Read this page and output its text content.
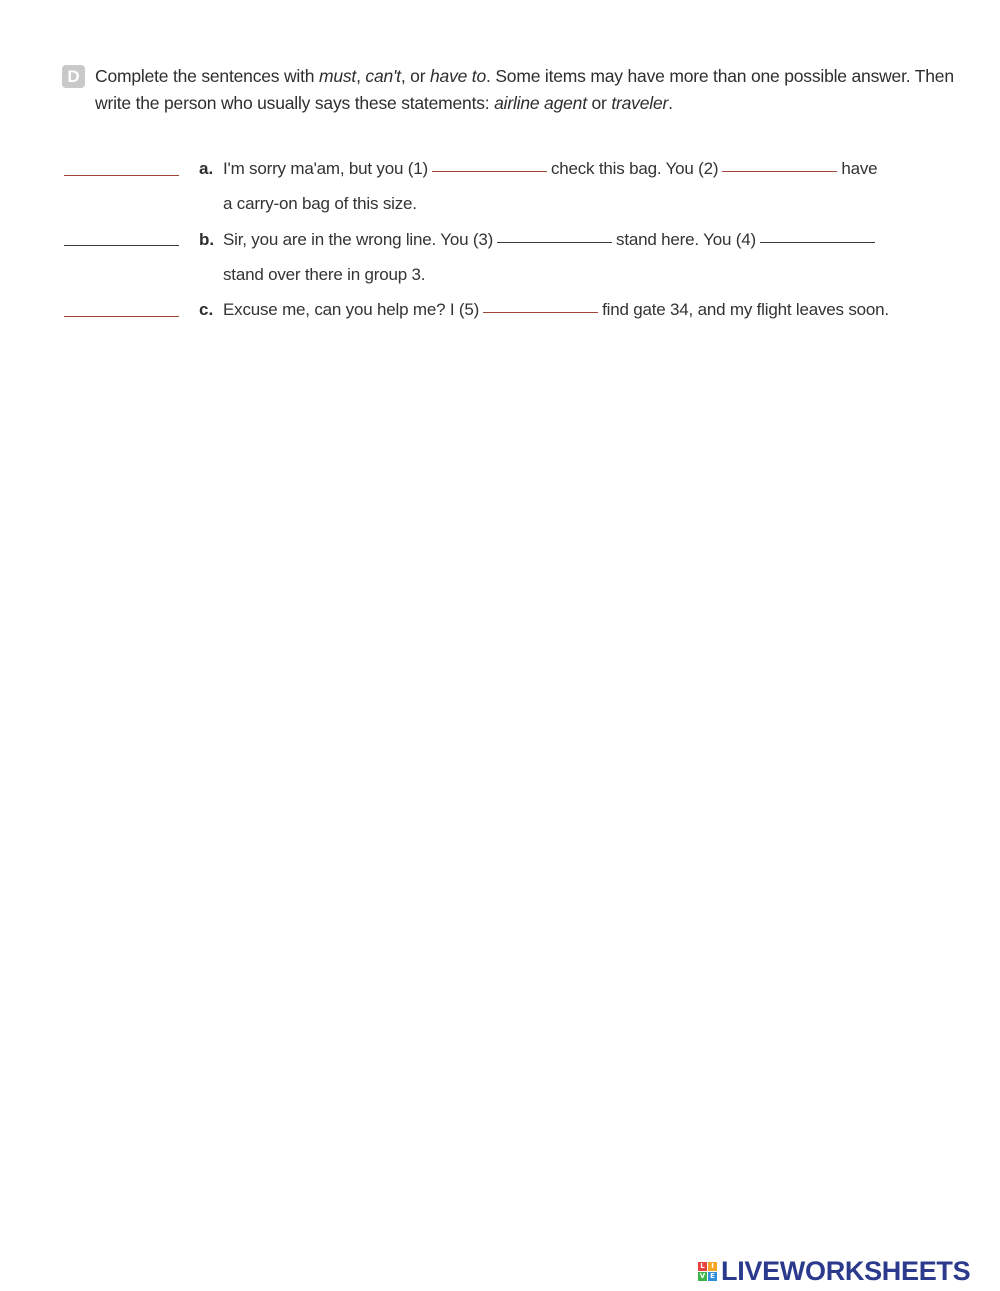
D Complete the sentences with must, can't, or have to. Some items may have more than one possible answer. Then write the person who usually says these statements: airline agent or traveler.
a. I'm sorry ma'am, but you (1)	check this bag. You (2)	have
a carry-on bag of this size.
b. Sir, you are in the wrong line. You (3)	stand here. You (4)
stand over there in group 3.
c. Excuse me, can you help me? I (5)	find gate 34, and my flight leaves soon.
L I
V E LIVEWORKSHEETS
